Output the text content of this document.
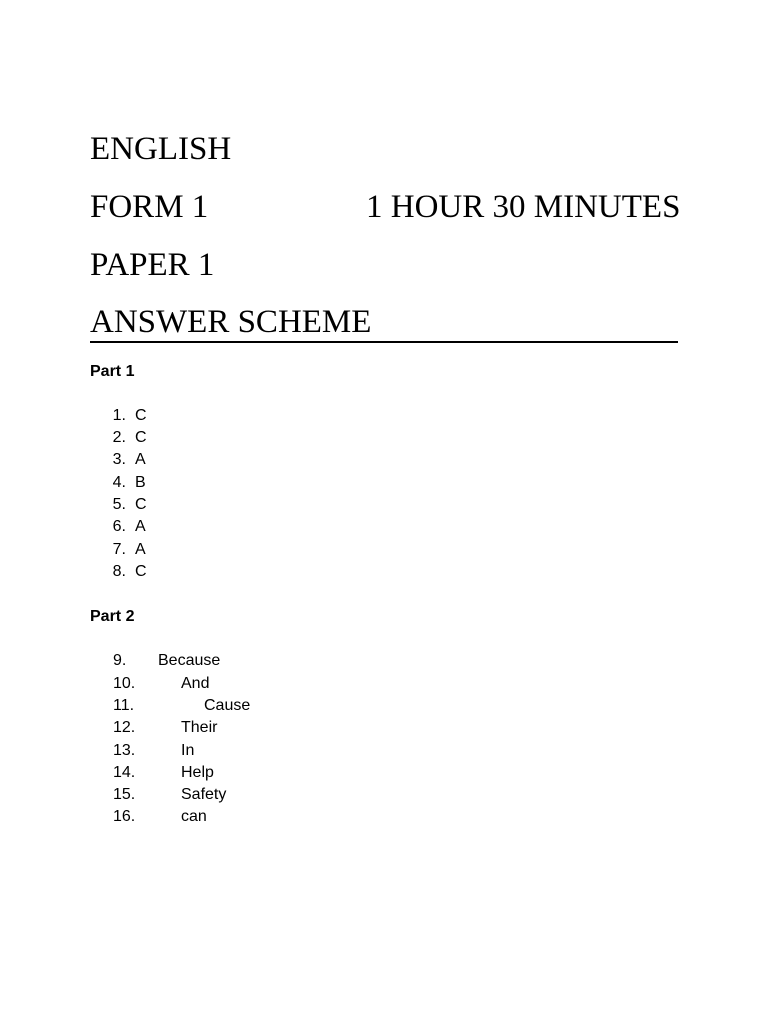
ENGLISH
FORM 1	1 HOUR 30 MINUTES
PAPER 1
ANSWER SCHEME
Part 1
1. C
2. C
3. A
4. B
5. C
6. A
7. A
8. C
Part 2
9. Because
10.	And
11.	Cause
12.	Their
13.	In
14.	Help
15.	Safety
16.	can
